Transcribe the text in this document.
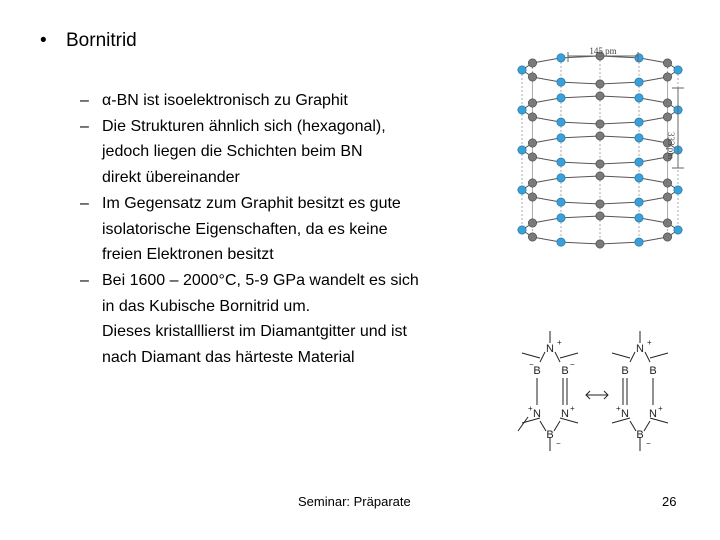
• Bornitrid
– α-BN ist isoelektronisch zu Graphit
– Die Strukturen ähnlich sich (hexagonal),
jedoch liegen die Schichten beim BN
direkt übereinander
– Im Gegensatz zum Graphit besitzt es gute
isolatorische Eigenschaften, da es keine
freien Elektronen besitzt
– Bei 1600 – 2000°C, 5-9 GPa wandelt es sich
in das Kubische Bornitrid um.
Dieses kristalllierst im Diamantgitter und ist
nach Diamant das härteste Material
145 pm
333 pm
N
B B
N N
B
N
B B
N N
B
+
−	−
+	+
−
+
+	+
−
Seminar: Präparate	26
